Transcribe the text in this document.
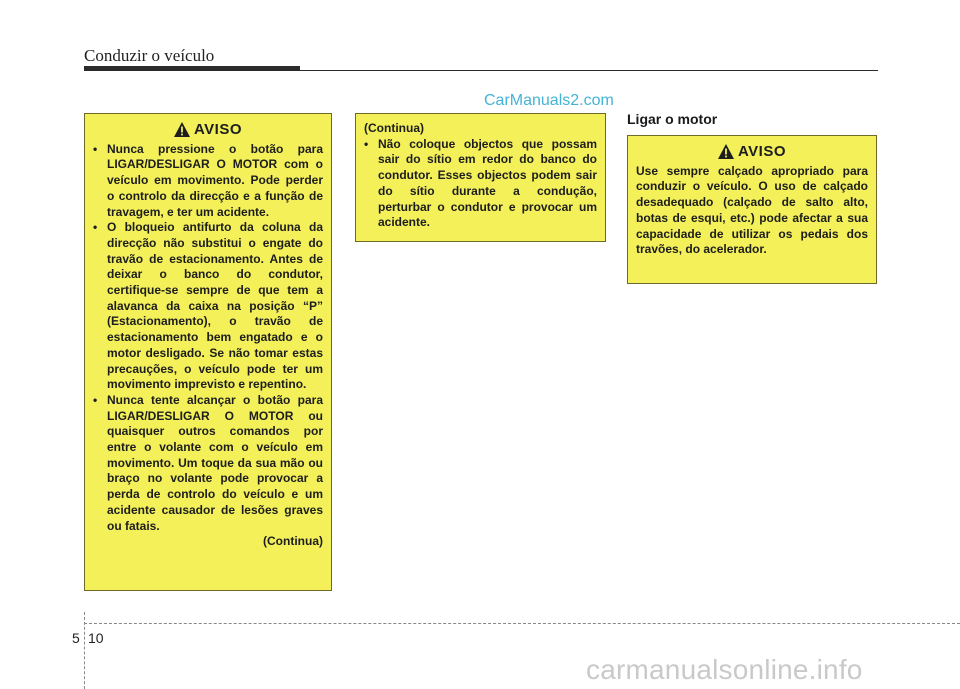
Conduzir o veículo
CarManuals2.com
AVISO
• Nunca pressione o botão para LIGAR/DESLIGAR O MOTOR com o veículo em movimento. Pode perder o controlo da direcção e a função de travagem, e ter um acidente.
• O bloqueio antifurto da coluna da direcção não substitui o engate do travão de estacionamento. Antes de deixar o banco do condutor, certifique-se sempre de que tem a alavanca da caixa na posição “P” (Estacionamento), o travão de estacionamento bem engatado e o motor desligado. Se não tomar estas precauções, o veículo pode ter um movimento imprevisto e repentino.
• Nunca tente alcançar o botão para LIGAR/DESLIGAR O MOTOR ou quaisquer outros comandos por entre o volante com o veículo em movimento. Um toque da sua mão ou braço no volante pode provocar a perda de controlo do veículo e um acidente causador de lesões graves ou fatais.
(Continua)
(Continua)
• Não coloque objectos que possam sair do sítio em redor do banco do condutor. Esses objectos podem sair do sítio durante a condução, perturbar o condutor e provocar um acidente.
Ligar o motor
AVISO
Use sempre calçado apropriado para conduzir o veículo. O uso de calçado desadequado (calçado de salto alto, botas de esqui, etc.) pode afectar a sua capacidade de utilizar os pedais dos travões, do acelerador.
5 10
carmanualsonline.info
